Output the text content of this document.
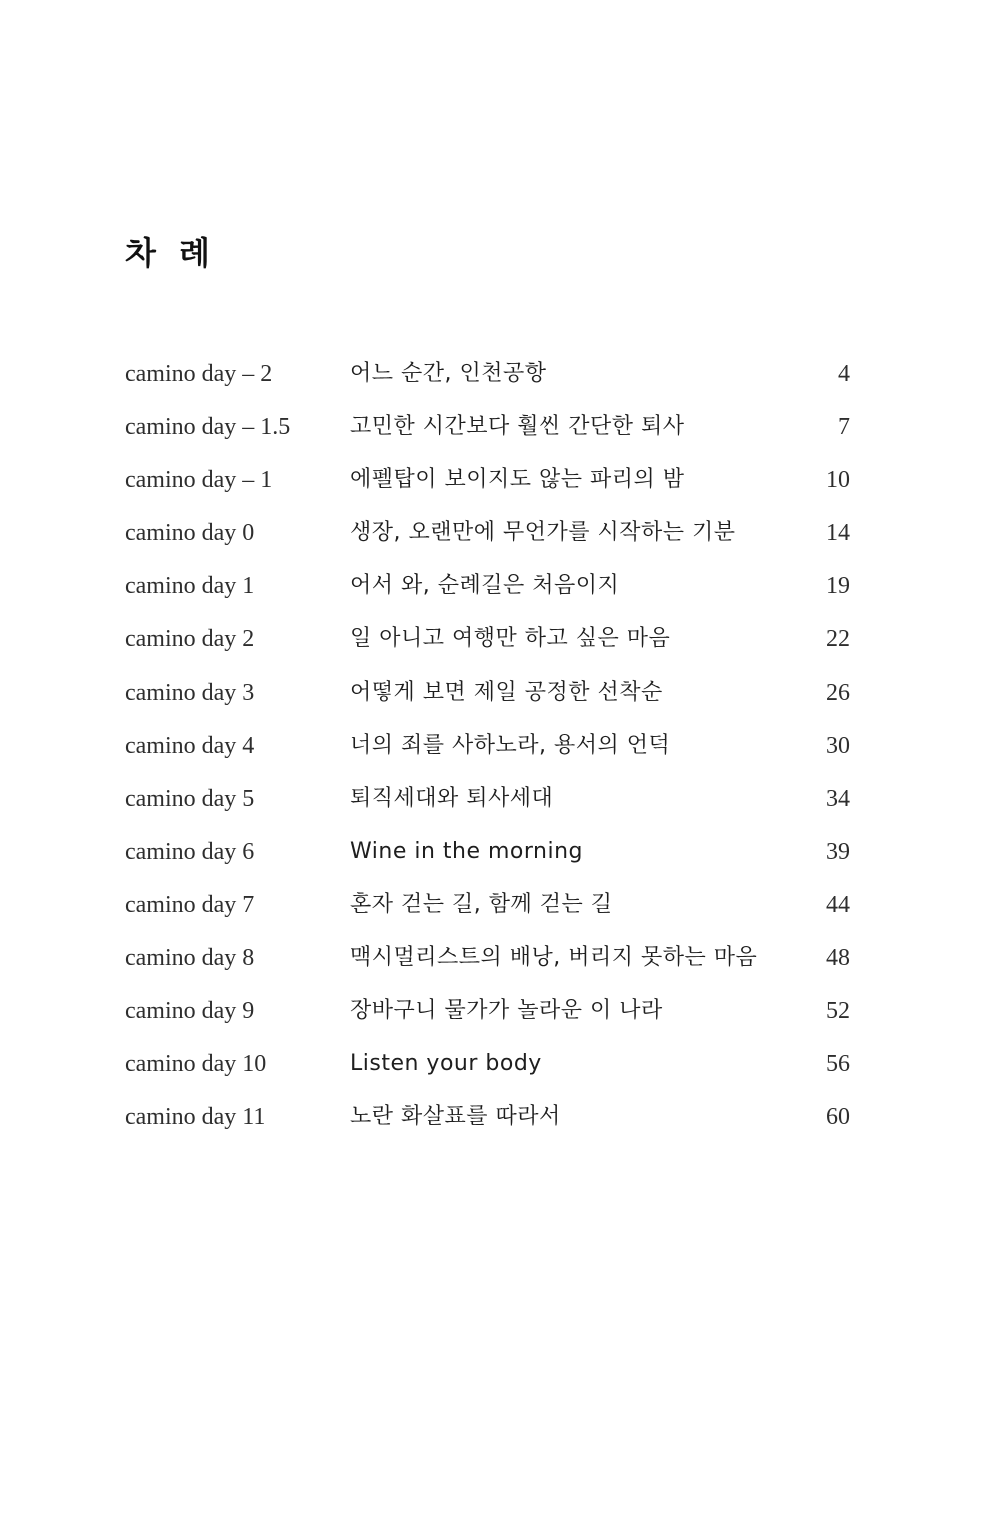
차 례
camino day – 2	어느 순간, 인천공항	4
camino day – 1.5	고민한 시간보다 훨씬 간단한 퇴사	7
camino day – 1	에펠탑이 보이지도 않는 파리의 밤	10
camino day 0	생장, 오랜만에 무언가를 시작하는 기분	14
camino day 1	어서 와, 순례길은 처음이지	19
camino day 2	일 아니고 여행만 하고 싶은 마음	22
camino day 3	어떻게 보면 제일 공정한 선착순	26
camino day 4	너의 죄를 사하노라, 용서의 언덕	30
camino day 5	퇴직세대와 퇴사세대	34
camino day 6	Wine in the morning	39
camino day 7	혼자 걷는 길, 함께 걷는 길	44
camino day 8	맥시멀리스트의 배낭, 버리지 못하는 마음	48
camino day 9	장바구니 물가가 놀라운 이 나라	52
camino day 10	Listen your body	56
camino day 11	노란 화살표를 따라서	60
